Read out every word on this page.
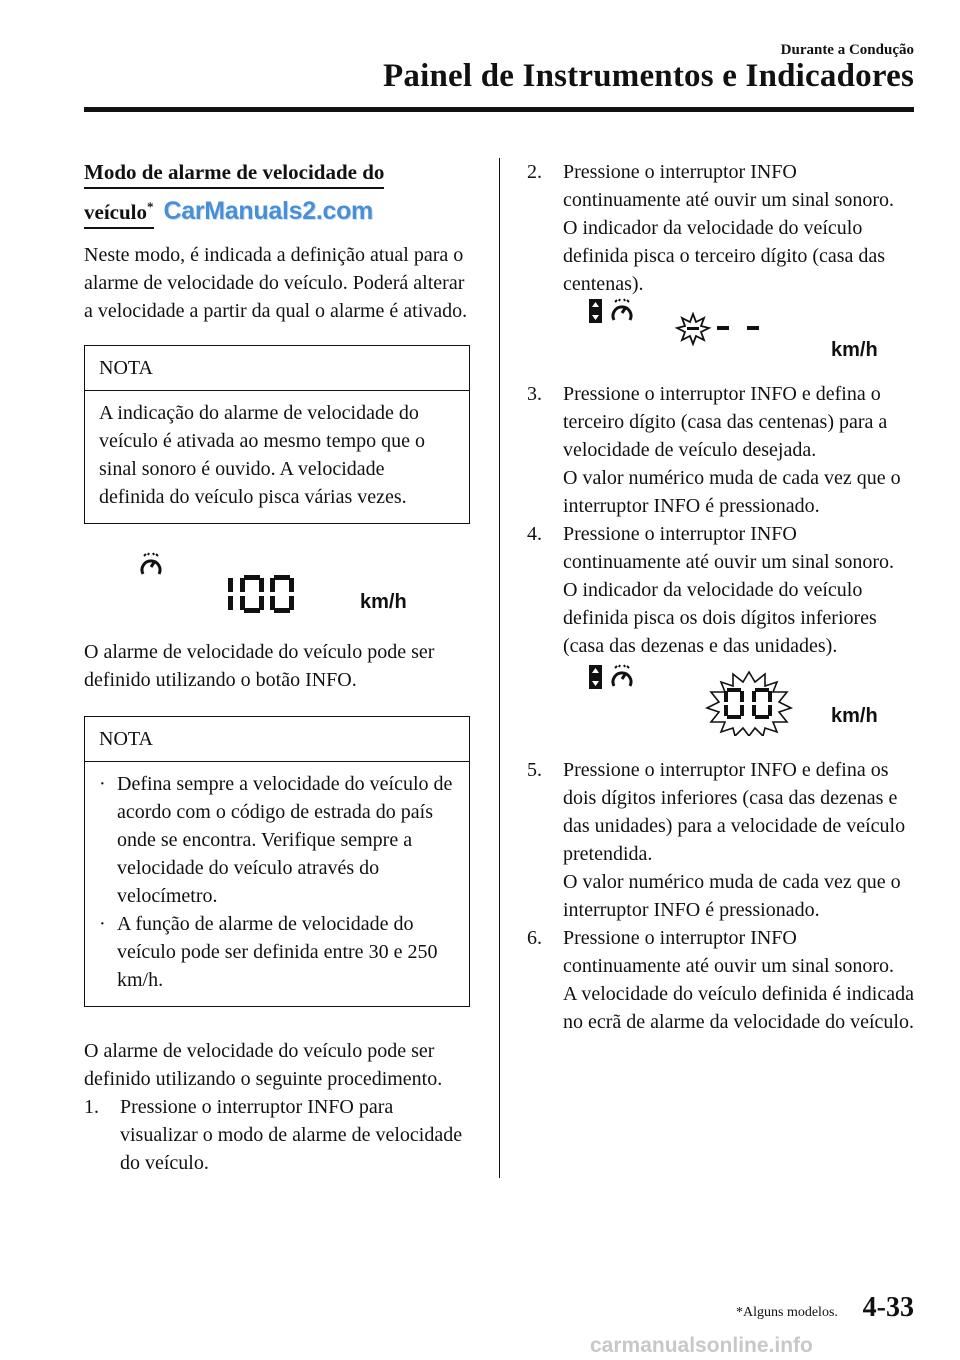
Durante a Condução
Painel de Instrumentos e Indicadores
Modo de alarme de velocidade do
veículo* CarManuals2.com

Neste modo, é indicada a definição atual para o alarme de velocidade do veículo. Poderá alterar a velocidade a partir da qual o alarme é ativado.

NOTA
A indicação do alarme de velocidade do veículo é ativada ao mesmo tempo que o sinal sonoro é ouvido. A velocidade definida do veículo pisca várias vezes.
km/h

O alarme de velocidade do veículo pode ser definido utilizando o botão INFO.

NOTA
· Defina sempre a velocidade do veículo de acordo com o código de estrada do país onde se encontra. Verifique sempre a velocidade do veículo através do velocímetro.
· A função de alarme de velocidade do veículo pode ser definida entre 30 e 250 km/h.

O alarme de velocidade do veículo pode ser definido utilizando o seguinte procedimento.

1.	Pressione o interruptor INFO para visualizar o modo de alarme de velocidade do veículo.
2.	Pressione o interruptor INFO continuamente até ouvir um sinal sonoro.
O indicador da velocidade do veículo definida pisca o terceiro dígito (casa das centenas).
km/h
3.	Pressione o interruptor INFO e defina o terceiro dígito (casa das centenas) para a velocidade de veículo desejada.
O valor numérico muda de cada vez que o interruptor INFO é pressionado.
4.	Pressione o interruptor INFO continuamente até ouvir um sinal sonoro.
O indicador da velocidade do veículo definida pisca os dois dígitos inferiores (casa das dezenas e das unidades).
km/h
5.	Pressione o interruptor INFO e defina os dois dígitos inferiores (casa das dezenas e das unidades) para a velocidade de veículo pretendida.
O valor numérico muda de cada vez que o interruptor INFO é pressionado.
6.	Pressione o interruptor INFO continuamente até ouvir um sinal sonoro.
A velocidade do veículo definida é indicada no ecrã de alarme da velocidade do veículo.
*Alguns modelos. 4-33
carmanualsonline.info
